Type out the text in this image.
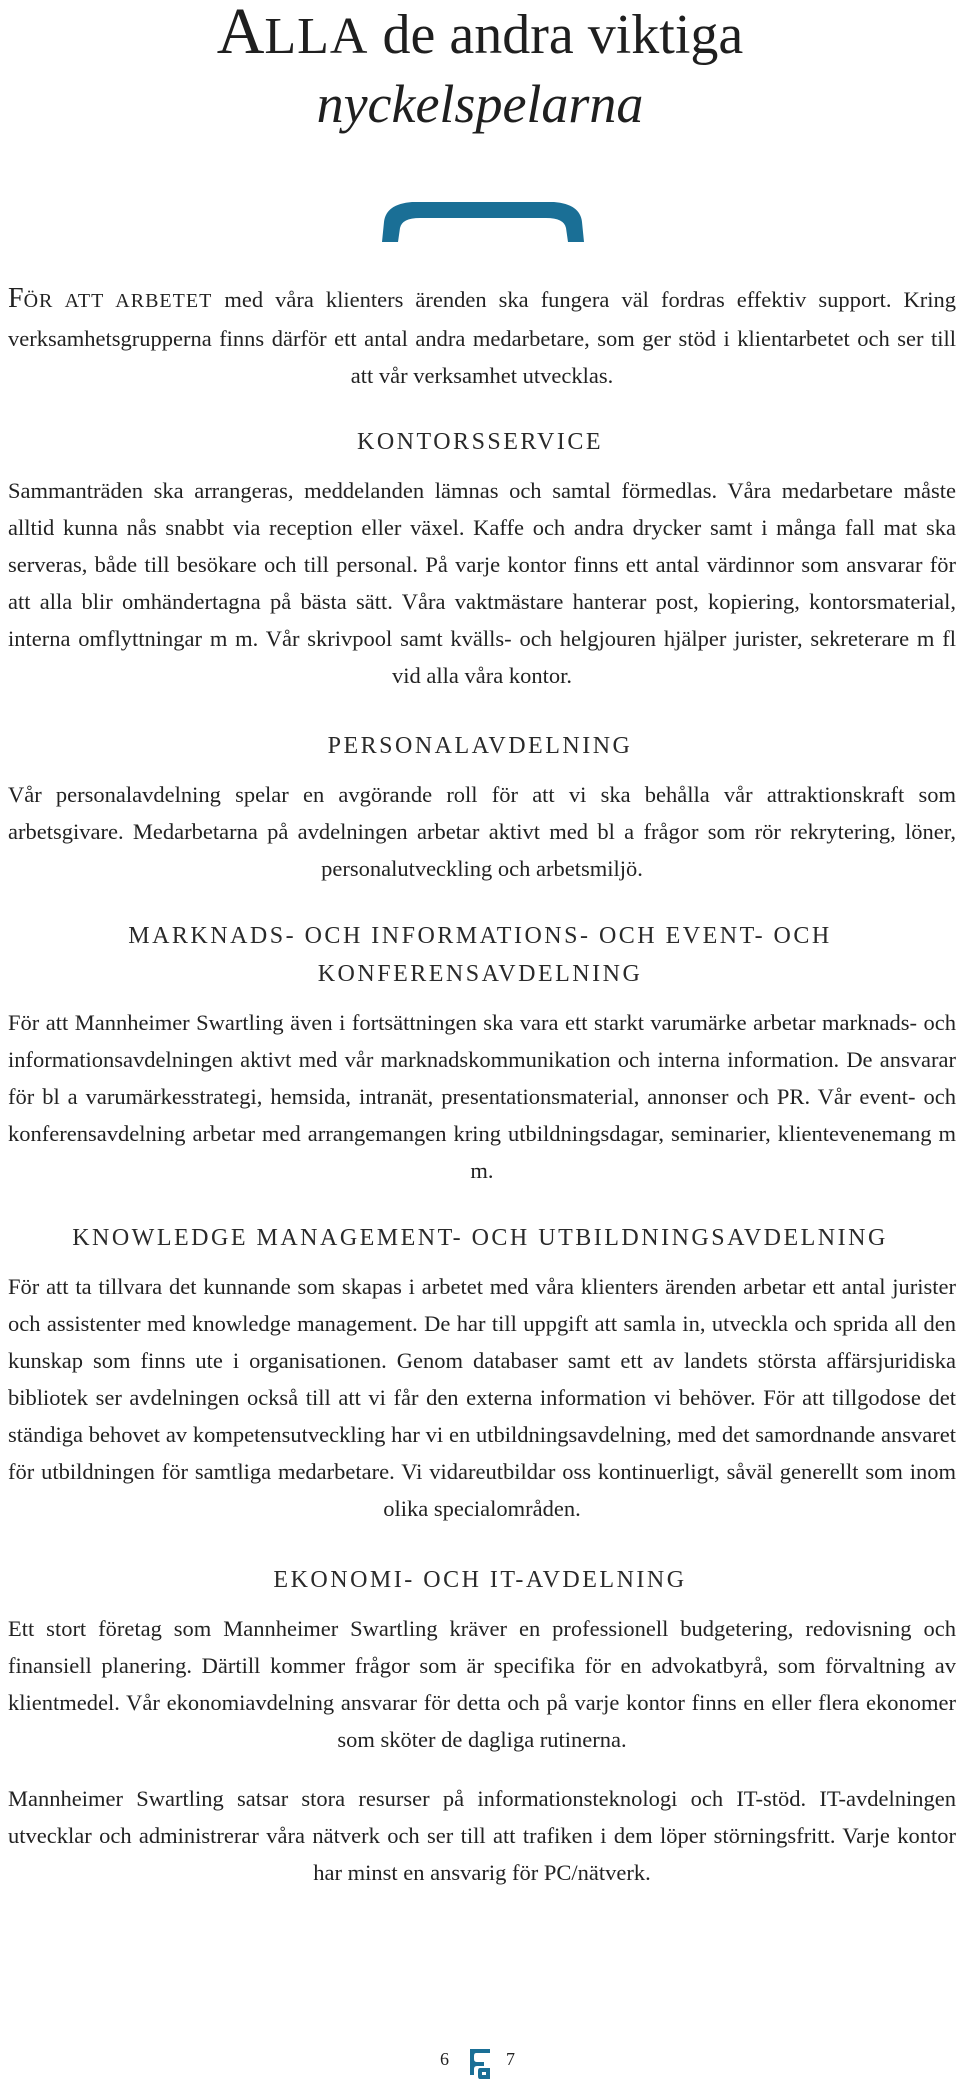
ALLA de andra viktiga
nyckelspelarna

FÖR ATT ARBETET med våra klienters ärenden ska fungera väl fordras effektiv support. Kring verksamhetsgrupperna finns därför ett antal andra medarbetare, som ger stöd i klientarbetet och ser till att vår verksamhet utvecklas.

KONTORSSERVICE

Sammanträden ska arrangeras, meddelanden lämnas och samtal förmedlas. Våra medarbetare måste alltid kunna nås snabbt via reception eller växel. Kaffe och andra drycker samt i många fall mat ska serveras, både till besökare och till personal. På varje kontor finns ett antal värdinnor som ansvarar för att alla blir omhändertagna på bästa sätt. Våra vaktmästare hanterar post, kopiering, kontorsmaterial, interna omflyttningar m m. Vår skrivpool samt kvälls- och helgjouren hjälper jurister, sekreterare m fl vid alla våra kontor.

PERSONALAVDELNING

Vår personalavdelning spelar en avgörande roll för att vi ska behålla vår attraktionskraft som arbetsgivare. Medarbetarna på avdelningen arbetar aktivt med bl a frågor som rör rekrytering, löner, personalutveckling och arbetsmiljö.

MARKNADS- OCH INFORMATIONS- OCH EVENT- OCH
KONFERENSAVDELNING

För att Mannheimer Swartling även i fortsättningen ska vara ett starkt varumärke arbetar marknads- och informationsavdelningen aktivt med vår marknadskommunikation och interna information. De ansvarar för bl a varumärkesstrategi, hemsida, intranät, presentationsmaterial, annonser och PR. Vår event- och konferensavdelning arbetar med arrangemangen kring utbildningsdagar, seminarier, klientevenemang m m.

KNOWLEDGE MANAGEMENT- OCH UTBILDNINGSAVDELNING

För att ta tillvara det kunnande som skapas i arbetet med våra klienters ärenden arbetar ett antal jurister och assistenter med knowledge management. De har till uppgift att samla in, utveckla och sprida all den kunskap som finns ute i organisationen. Genom databaser samt ett av landets största affärsjuridiska bibliotek ser avdelningen också till att vi får den externa information vi behöver. För att tillgodose det ständiga behovet av kompetensutveckling har vi en utbildningsavdelning, med det samordnande ansvaret för utbildningen för samtliga medarbetare. Vi vidareutbildar oss kontinuerligt, såväl generellt som inom olika specialområden.

EKONOMI- OCH IT-AVDELNING

Ett stort företag som Mannheimer Swartling kräver en professionell budgetering, redovisning och finansiell planering. Därtill kommer frågor som är specifika för en advokatbyrå, som förvaltning av klientmedel. Vår ekonomiavdelning ansvarar för detta och på varje kontor finns en eller flera ekonomer som sköter de dagliga rutinerna.

Mannheimer Swartling satsar stora resurser på informationsteknologi och IT-stöd. IT-avdelningen utvecklar och administrerar våra nätverk och ser till att trafiken i dem löper störningsfritt. Varje kontor har minst en ansvarig för PC/nätverk.

6	7
